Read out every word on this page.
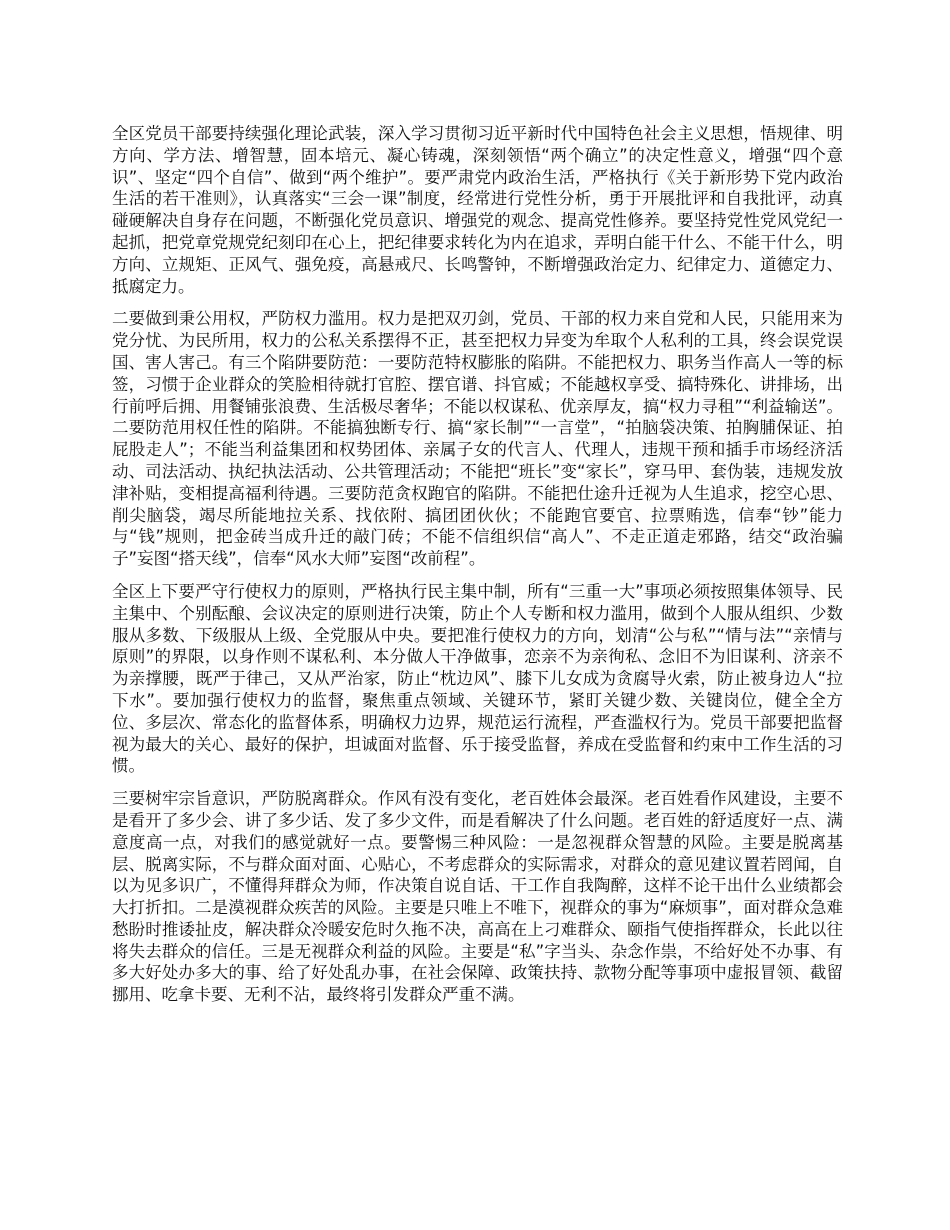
全区党员干部要持续强化理论武装，深入学习贯彻习近平新时代中国特色社会主义思想，悟规律、明方向、学方法、增智慧，固本培元、凝心铸魂，深刻领悟“两个确立”的决定性意义，增强“四个意识”、坚定“四个自信”、做到“两个维护”。要严肃党内政治生活，严格执行《关于新形势下党内政治生活的若干准则》，认真落实“三会一课”制度，经常进行党性分析，勇于开展批评和自我批评，动真碰硬解决自身存在问题，不断强化党员意识、增强党的观念、提高党性修养。要坚持党性党风党纪一起抓，把党章党规党纪刻印在心上，把纪律要求转化为内在追求，弄明白能干什么、不能干什么，明方向、立规矩、正风气、强免疫，高悬戒尺、长鸣警钟，不断增强政治定力、纪律定力、道德定力、抵腐定力。

二要做到秉公用权，严防权力滥用。权力是把双刃剑，党员、干部的权力来自党和人民，只能用来为党分忧、为民所用，权力的公私关系摆得不正，甚至把权力异变为牟取个人私利的工具，终会误党误国、害人害己。有三个陷阱要防范：一要防范特权膨胀的陷阱。不能把权力、职务当作高人一等的标签，习惯于企业群众的笑脸相待就打官腔、摆官谱、抖官威；不能越权享受、搞特殊化、讲排场，出行前呼后拥、用餐铺张浪费、生活极尽奢华；不能以权谋私、优亲厚友，搞“权力寻租”“利益输送”。二要防范用权任性的陷阱。不能搞独断专行、搞“家长制”“一言堂”，“拍脑袋决策、拍胸脯保证、拍屁股走人”；不能当利益集团和权势团体、亲属子女的代言人、代理人，违规干预和插手市场经济活动、司法活动、执纪执法活动、公共管理活动；不能把“班长”变“家长”，穿马甲、套伪装，违规发放津补贴，变相提高福利待遇。三要防范贪权跑官的陷阱。不能把仕途升迁视为人生追求，挖空心思、削尖脑袋，竭尽所能地拉关系、找依附、搞团团伙伙；不能跑官要官、拉票贿选，信奉“钞”能力与“钱”规则，把金砖当成升迁的敲门砖；不能不信组织信“高人”、不走正道走邪路，结交“政治骗子”妄图“搭天线”，信奉“风水大师”妄图“改前程”。

全区上下要严守行使权力的原则，严格执行民主集中制，所有“三重一大”事项必须按照集体领导、民主集中、个别酝酿、会议决定的原则进行决策，防止个人专断和权力滥用，做到个人服从组织、少数服从多数、下级服从上级、全党服从中央。要把准行使权力的方向，划清“公与私”“情与法”“亲情与原则”的界限，以身作则不谋私利、本分做人干净做事，恋亲不为亲徇私、念旧不为旧谋利、济亲不为亲撑腰，既严于律己，又从严治家，防止“枕边风”、膝下儿女成为贪腐导火索，防止被身边人“拉下水”。要加强行使权力的监督，聚焦重点领域、关键环节，紧盯关键少数、关键岗位，健全全方位、多层次、常态化的监督体系，明确权力边界，规范运行流程，严查滥权行为。党员干部要把监督视为最大的关心、最好的保护，坦诚面对监督、乐于接受监督，养成在受监督和约束中工作生活的习惯。

三要树牢宗旨意识，严防脱离群众。作风有没有变化，老百姓体会最深。老百姓看作风建设，主要不是看开了多少会、讲了多少话、发了多少文件，而是看解决了什么问题。老百姓的舒适度好一点、满意度高一点，对我们的感觉就好一点。要警惕三种风险：一是忽视群众智慧的风险。主要是脱离基层、脱离实际，不与群众面对面、心贴心，不考虑群众的实际需求，对群众的意见建议置若罔闻，自以为见多识广，不懂得拜群众为师，作决策自说自话、干工作自我陶醉，这样不论干出什么业绩都会大打折扣。二是漠视群众疾苦的风险。主要是只唯上不唯下，视群众的事为“麻烦事”，面对群众急难愁盼时推诿扯皮，解决群众冷暖安危时久拖不决，高高在上刁难群众、颐指气使指挥群众，长此以往将失去群众的信任。三是无视群众利益的风险。主要是“私”字当头、杂念作祟，不给好处不办事、有多大好处办多大的事、给了好处乱办事，在社会保障、政策扶持、款物分配等事项中虚报冒领、截留挪用、吃拿卡要、无利不沾，最终将引发群众严重不满。
